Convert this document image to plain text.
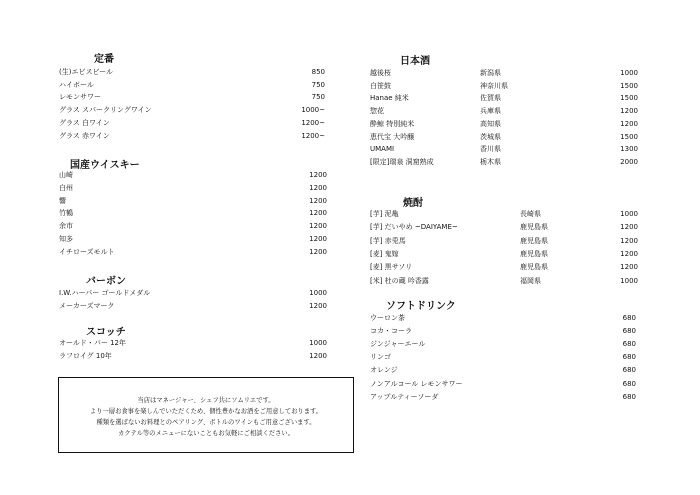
定番
(生)エビスビール	850
ハイボール	750
レモンサワー	750
グラス スパークリングワイン	1000~
グラス 白ワイン	1200~
グラス 赤ワイン	1200~
国産ウイスキー
山崎	1200
白州	1200
響	1200
竹鶴	1200
余市	1200
知多	1200
イチローズモルト	1200
バーボン
I.W.ハーパー ゴールドメダル	1000
メーカーズマーク	1200
スコッチ
オールド・パー 12年	1000
ラフロイグ 10年	1200
当店はマネージャー、シェフ共にソムリエです。
より一層お食事を楽しんでいただくため、個性豊かなお酒をご用意しております。
種類を選ばないお料理とのペアリング、ボトルのワインもご用意ございます。
カクテル等のメニューにないこともお気軽にご相談ください。
日本酒
越後桜	新潟県	1000
白笹鼓	神奈川県	1500
Hanae 純米	佐賀県	1500
惣花	兵庫県	1200
酔鯨 特別純米	高知県	1200
恵代宝 大吟醸	茨城県	1500
UMAMI	香川県	1300
[限定]瑞泉 洞窟熟成	栃木県	2000
焼酎
[芋] 泥亀	長崎県	1000
[芋] だいやめ ~DAIYAME~	鹿児島県	1200
[芋] 赤兎馬	鹿児島県	1200
[麦] 鬼嫁	鹿児島県	1200
[麦] 黒サソリ	鹿児島県	1200
[米] 杜の蔵 吟香露	福岡県	1000
ソフトドリンク
ウーロン茶	680
コカ・コーラ	680
ジンジャーエール	680
リンゴ	680
オレンジ	680
ノンアルコール レモンサワー	680
アップルティーソーダ	680
